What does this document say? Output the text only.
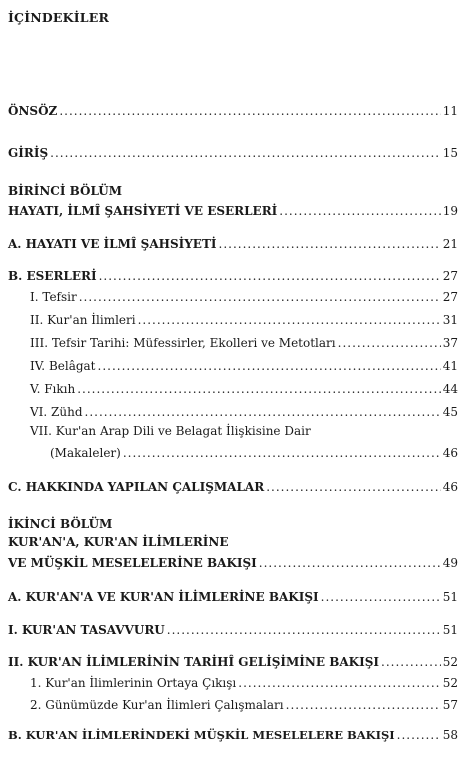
İÇİNDEKİLER
ÖNSÖZ .....	11
GİRİŞ .....	15
BİRİNCİ BÖLÜM
HAYATI, İLMÎ ŞAHSİYETİ VE ESERLERİ .....	19
A. HAYATI VE İLMÎ ŞAHSİYETİ .....	21
B. ESERLERİ .....	27
I. Tefsir .....	27
II. Kur'an İlimleri .....	31
III. Tefsir Tarihi: Müfessirler, Ekolleri ve Metotları .....	37
IV. Belâgat .....	41
V. Fıkıh .....	44
VI. Zühd .....	45
VII. Kur'an Arap Dili ve Belagat İlişkisine Dair
(Makaleler) .....	46
C. HAKKINDA YAPILAN ÇALIŞMALAR .....	46
İKİNCİ BÖLÜM
KUR'AN'A, KUR'AN İLİMLERİNE
VE MÜŞKİL MESELELERİNE BAKIŞI .....	49
A. KUR'AN'A VE KUR'AN İLİMLERİNE BAKIŞI .....	51
I. KUR'AN TASAVVURU .....	51
II. KUR'AN İLİMLERİNİN TARİHÎ GELİŞİMİNE BAKIŞI .....	52
1. Kur'an İlimlerinin Ortaya Çıkışı .....	52
2. Günümüzde Kur'an İlimleri Çalışmaları .....	57
B. KUR'AN İLİMLERİNDEKİ MÜŞKİL MESELELERE BAKIŞI .....	58
